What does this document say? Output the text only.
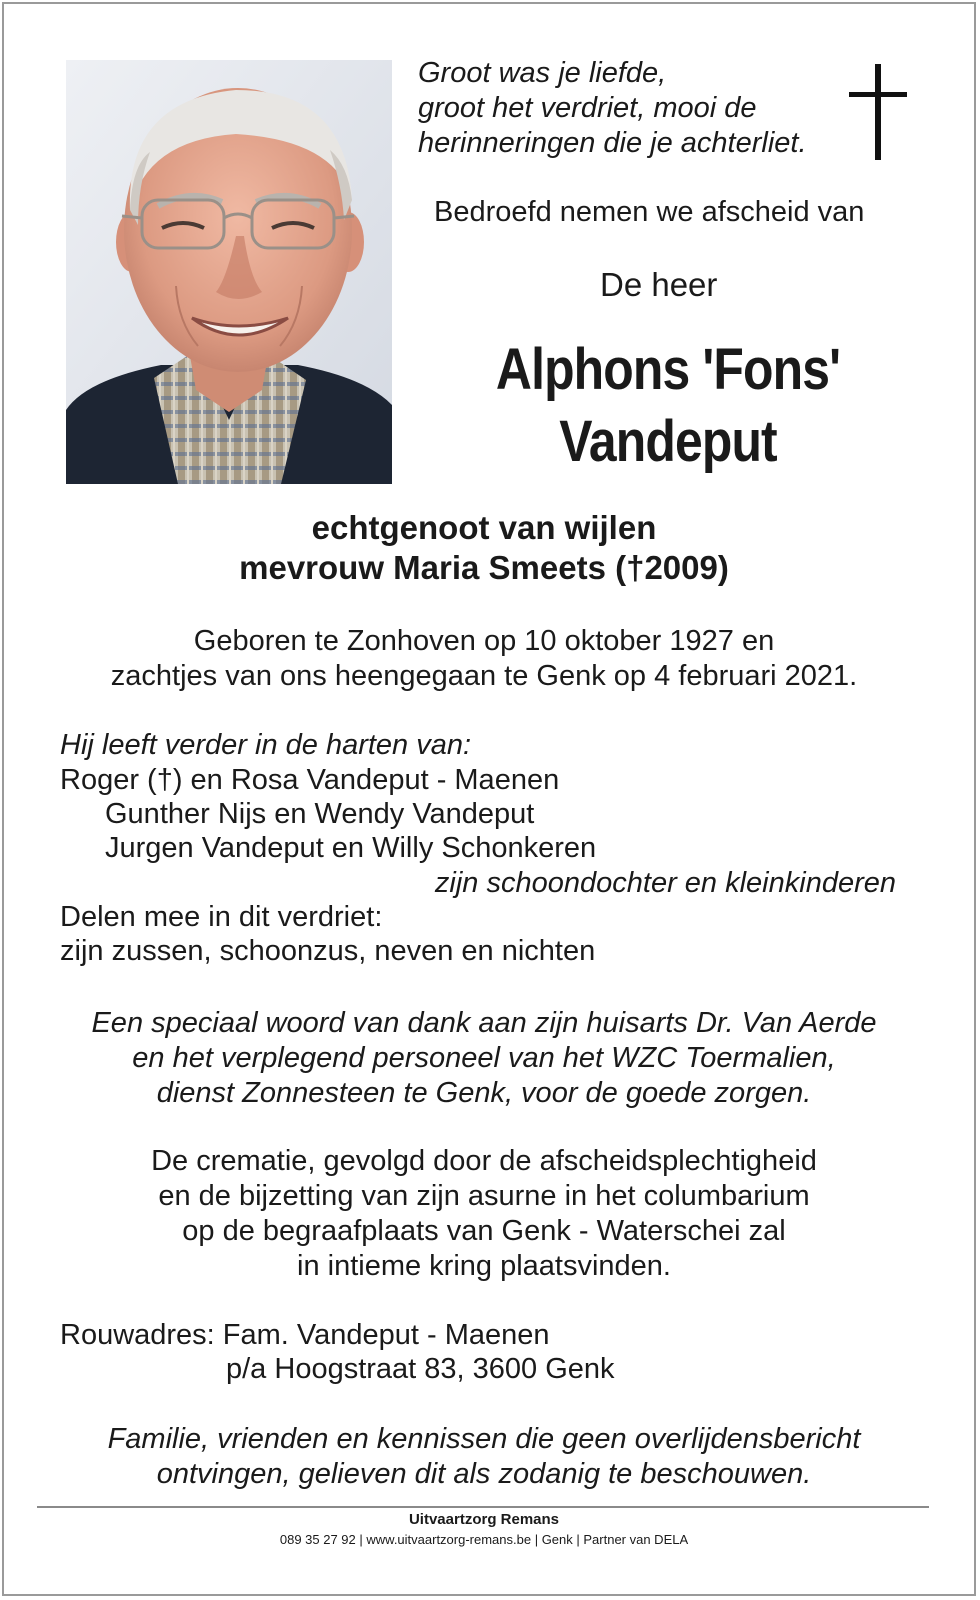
Groot was je liefde,
groot het verdriet, mooi de
herinneringen die je achterliet.
Bedroefd nemen we afscheid van
De heer
Alphons 'Fons'
Vandeput
echtgenoot van wijlen
mevrouw Maria Smeets (†2009)
Geboren te Zonhoven op 10 oktober 1927 en
zachtjes van ons heengegaan te Genk op 4 februari 2021.
Hij leeft verder in de harten van:
Roger (†) en Rosa Vandeput - Maenen
Gunther Nijs en Wendy Vandeput
Jurgen Vandeput en Willy Schonkeren
zijn schoondochter en kleinkinderen
Delen mee in dit verdriet:
zijn zussen, schoonzus, neven en nichten
Een speciaal woord van dank aan zijn huisarts Dr. Van Aerde
en het verplegend personeel van het WZC Toermalien,
dienst Zonnesteen te Genk, voor de goede zorgen.
De crematie, gevolgd door de afscheidsplechtigheid
en de bijzetting van zijn asurne in het columbarium
op de begraafplaats van Genk - Waterschei zal
in intieme kring plaatsvinden.
Rouwadres: Fam. Vandeput - Maenen
p/a Hoogstraat 83, 3600 Genk
Familie, vrienden en kennissen die geen overlijdensbericht
ontvingen, gelieven dit als zodanig te beschouwen.
Uitvaartzorg Remans
089 35 27 92 | www.uitvaartzorg-remans.be | Genk | Partner van DELA
